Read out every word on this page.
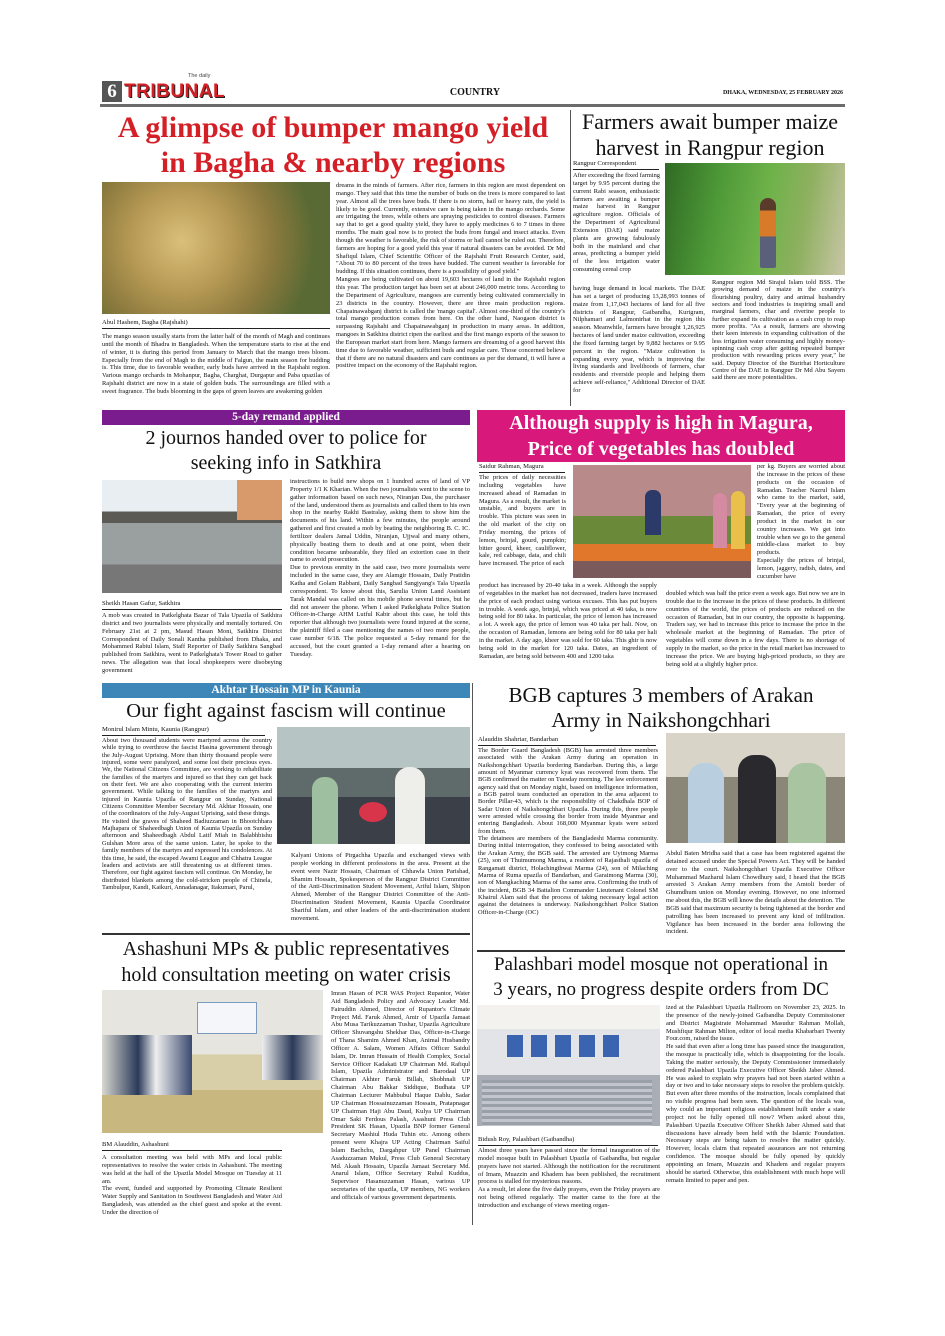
6
The daily
TRIBUNAL	COUNTRY	DHAKA, WEDNESDAY, 25 FEBRUARY 2026
A glimpse of bumper mango yield
in Bagha & nearby regions
Abul Hashem, Bagha (Rajshahi)

The mango season usually starts from the latter half of the month of Magh and continues until the month of Bhadra in Bangladesh. When the temperature starts to rise at the end of winter, it is during this period from January to March that the mango trees bloom. Especially from the end of Magh to the middle of Falgun, the main season for budding is. This time, due to favorable weather, early buds have arrived in the Rajshahi region. Various mango orchards in Mohanpur, Bagha, Charghat, Durgapur and Paba upazilas of Rajshahi district are now in a state of golden buds. The surroundings are filled with a sweet fragrance. The buds blooming in the gaps of green leaves are awakening golden

dreams in the minds of farmers. After rice, farmers in this region are most dependent on mango. They said that this time the number of buds on the trees is more compared to last year. Almost all the trees have buds. If there is no storm, hail or heavy rain, the yield is likely to be good. Currently, extensive care is being taken in the mango orchards. Some are irrigating the trees, while others are spraying pesticides to control diseases. Farmers say that to get a good quality yield, they have to apply medicines 6 to 7 times in three months. The main goal now is to protect the buds from fungal and insect attacks. Even though the weather is favorable, the risk of storms or hail cannot be ruled out. Therefore, farmers are hoping for a good yield this year if natural disasters can be avoided. Dr Md Shafiqul Islam, Chief Scientific Officer of the Rajshahi Fruit Research Center, said, "About 70 to 80 percent of the trees have budded. The current weather is favorable for budding. If this situation continues, there is a possibility of good yield."

Mangoes are being cultivated on about 19,603 hectares of land in the Rajshahi region this year. The production target has been set at about 246,000 metric tons. According to the Department of Agriculture, mangoes are currently being cultivated commercially in 23 districts in the country. However, there are three main production regions. Chapainawabganj district is called the 'mango capital'. Almost one-third of the country's total mango production comes from here. On the other hand, Naogaon district is surpassing Rajshahi and Chapainawabganj in production in many areas. In addition, mangoes in Satkhira district ripen the earliest and the first mango exports of the season to the European market start from here. Mango farmers are dreaming of a good harvest this time due to favorable weather, sufficient buds and regular care. Those concerned believe that if there are no natural disasters and care continues as per the demand, it will have a positive impact on the economy of the Rajshahi region.

Farmers await bumper maize
harvest in Rangpur region
Rangpur Correspondent

After exceeding the fixed farming target by 9.95 percent during the current Rabi season, enthusiastic farmers are awaiting a bumper maize harvest in Rangpur agriculture region. Officials of the Department of Agricultural Extension (DAE) said maize plants are growing fabulously both in the mainland and char areas, predicting a bumper yield of the less irrigation water consuming cereal crop

having huge demand in local markets. The DAE has set a target of producing 13,28,993 tonnes of maize from 1,17,043 hectares of land for all five districts of Rangpur, Gaibandha, Kurigram, Nilphamari and Lalmonirhat in the region this season. Meanwhile, farmers have brought 1,26,925 hectares of land under maize cultivation, exceeding the fixed farming target by 9,882 hectares or 9.95 percent in the region. "Maize cultivation is expanding every year, which is improving the living standards and livelihoods of farmers, char residents and riverside people and helping them achieve self-reliance," Additional Director of DAE for

Rangpur region Md Sirajul Islam told BSS. The growing demand of maize in the country's flourishing poultry, dairy and animal husbandry sectors and food industries is inspiring small and marginal farmers, char and riverine people to further expand its cultivation as a cash crop to reap more profits. "As a result, farmers are showing their keen interests in expanding cultivation of the less irrigation water consuming and highly money-spinning cash crop after getting repeated bumper production with rewarding prices every year," he said. Deputy Director of the Burirhat Horticulture Centre of the DAE in Rangpur Dr Md Abu Sayem said there are more potentialities.

5-day remand applied
2 journos handed over to police for
seeking info in Satkhira
Sheikh Hasan Gafur, Satkhira

A mob was created in Patkelghata Bazar of Tala Upazila of Satkhira district and two journalists were physically and mentally tortured. On February 21st at 2 pm, Masud Hasan Moni, Satkhira District Correspondent of Daily Sonali Kantha published from Dhaka, and Mohammed Rabiul Islam, Staff Reporter of Daily Satkhira Sangbad published from Satkhira, went to Patkelghata's Tower Road to gather news. The allegation was that local shopkeepers were disobeying government

instructions to build new shops on 1 hundred acres of land of VP Property 1/1 K Kharian. When the two journalists went to the scene to gather information based on such news, Niranjan Das, the purchaser of the land, understood them as journalists and called them to his own shop in the nearby Rakhi Bastralay, asking them to show him the documents of his land. Within a few minutes, the people around gathered and first created a mob by beating the neighboring B. C. IC. fertilizer dealers Jamal Uddin, Niranjan, Ujjwal and many others, physically beating them to death and at one point, when their condition became unbearable, they filed an extortion case in their name to avoid prosecution.

Due to previous enmity in the said case, two more journalists were included in the same case, they are Alamgir Hossain, Daily Pratidin Katha and Golam Rabbani, Daily Sangbad Sangjyang's Tala Upazila correspondent. To know about this, Sarulia Union Land Assistant Tarak Mandal was called on his mobile phone several times, but he did not answer the phone. When I asked Patkelghata Police Station Officer-in-Charge AHM Lutful Kabir about this case, he told this reporter that although two journalists were found injured at the scene, the plaintiff filed a case mentioning the names of two more people, case number 6/18. The police requested a 5-day remand for the accused, but the court granted a 1-day remand after a hearing on Tuesday.

Although supply is high in Magura,
Price of vegetables has doubled
Saidur Rahman, Magura

The prices of daily necessities including vegetables have increased ahead of Ramadan in Magura. As a result, the market is unstable, and buyers are in trouble. This picture was seen in the old market of the city on Friday morning, the prices of lemon, brinjal, gourd, pumpkin; bitter gourd, kheer, cauliflower, kale, red cabbage, data, and chili have increased. The price of each

per kg. Buyers are worried about the increase in the prices of these products on the occasion of Ramadan. Teacher Nazrul Islam who came to the market, said, "Every year at the beginning of Ramadan, the price of every product in the market in our country increases. We get into trouble when we go to the general middle-class market to buy products.

Especially the prices of brinjal, lemon, jaggery, radish, dates, and cucumber have

product has increased by 20-40 taka in a week. Although the supply of vegetables in the market has not decreased, traders have increased the price of each product using various excuses. This has put buyers in trouble. A week ago, brinjal, which was priced at 40 taka, is now being sold for 80 taka. In particular, the price of lemon has increased a lot. A week ago, the price of lemon was 40 taka per hali. Now, on the occasion of Ramadan, lemons are being sold for 80 taka per hali in the market. A day ago, kheer was sold for 60 taka. This ghir is now being sold in the market for 120 taka. Dates, an ingredient of Ramadan, are being sold between 400 and 1200 taka

doubled which was half the price even a week ago. But now we are in trouble due to the increase in the prices of these products. In different countries of the world, the prices of products are reduced on the occasion of Ramadan, but in our country, the opposite is happening. Traders say, we had to increase this price to increase the price in the wholesale market at the beginning of Ramadan. The price of vegetables will come down in a few days. There is no shortage of supply in the market, so the price in the retail market has increased to increase the price. We are buying high-priced products, so they are being sold at a slightly higher price.

Akhtar Hossain MP in Kaunia
Our fight against fascism will continue
Monirul Islam Mintu, Kaunia (Rangpur)

About two thousand students were martyred across the country while trying to overthrow the fascist Hasina government through the July-August Uprising. More than thirty thousand people were injured, some were paralyzed, and some lost their precious eyes. We, the National Citizens Committee, are working to rehabilitate the families of the martyrs and injured so that they can get back on their feet. We are also cooperating with the current interim government. While talking to the families of the martyrs and injured in Kaunia Upazila of Rangpur on Sunday, National Citizens Committee Member Secretary Md. Akhtar Hossain, one of the coordinators of the July-August Uprising, said these things.

He visited the graves of Shaheed Badiuzzaman in Bhootchhara Majhapara of Shaheedbagh Union of Kaunia Upazila on Sunday afternoon and Shaheedbagh Abdul Latif Miah in Balabhbishu Gulshan More area of the same union. Later, he spoke to the family members of the martyrs and expressed his condolences. At this time, he said, the escaped Awami League and Chhatra League leaders and activists are still threatening us at different times. Therefore, our fight against fascism will continue. On Monday, he distributed blankets among the cold-stricken people of Chinela, Tambulpur, Kandi, Kaikuri, Annadanagar, Itakumari, Parul,

Kalyani Unions of Pirgachha Upazila and exchanged views with people working in different professions in the area. Present at the event were Nazir Hossain, Chairman of Chhawla Union Parishad, Shamim Hossain, Spokesperson of the Rangpur District Committee of the Anti-Discrimination Student Movement, Ariful Islam, Shipon Ahmed, Member of the Rangpur District Committee of the Anti-Discrimination Student Movement, Kaunia Upazila Coordinator Shariful Islam, and other leaders of the anti-discrimination student movement.

BGB captures 3 members of Arakan
Army in Naikshongchhari
Alauddin Shahriar, Bandarban

The Border Guard Bangladesh (BGB) has arrested three members associated with the Arakan Army during an operation in Naikshongchhari Upazila bordering Bandarban. During this, a large amount of Myanmar currency kyat was recovered from them. The BGB confirmed the matter on Tuesday morning. The law enforcement agency said that on Monday night, based on intelligence information, a BGB patrol team conducted an operation in the area adjacent to Border Pillar-43, which is the responsibility of Chakdhala BOP of Sadar Union of Naikshongchhari Upazila. During this, three people were arrested while crossing the border from inside Myanmar and entering Bangladesh. About 168,000 Myanmar kyats were seized from them.

The detainees are members of the Bangladeshi Marma community. During initial interrogation, they confessed to being associated with the Arakan Army, the BGB said. The arrested are Uyimong Marma (25), son of Thuimumong Marma, a resident of Rajasthali upazila of Rangamati district, Holachingthwai Marma (24), son of Milaching Marma of Ruma upazila of Bandarban, and Garaimong Marma (30), son of Mangkaching Marma of the same area. Confirming the truth of the incident, BGB 34 Battalion Commander Lieutenant Colonel SM Khairul Alam said that the process of taking necessary legal action against the detainees is underway. Naikshongchhari Police Station Officer-in-Charge (OC)

Abdul Baten Mridha said that a case has been registered against the detained accused under the Special Powers Act. They will be handed over to the court. Naikshongchhari Upazila Executive Officer Muhammad Mazharul Islam Chowdhury said, I heard that the BGB arrested 3 Arakan Army members from the Amtoli border of Ghumdhum union on Monday evening. However, no one informed me about this, the BGB will know the details about the detention. The BGB said that maximum security is being tightened at the border and patrolling has been increased to prevent any kind of infiltration. Vigilance has been increased in the border area following the incident.

Ashashuni MPs & public representatives
hold consultation meeting on water crisis
BM Alauddin, Ashashuni

A consultation meeting was held with MPs and local public representatives to resolve the water crisis in Ashashuni. The meeting was held at the hall of the Upazila Model Mosque on Tuesday at 11 am.

The event, funded and supported by Promoting Climate Resilient Water Supply and Sanitation in Southwest Bangladesh and Water Aid Bangladesh, was attended as the chief guest and spoke at the event. Under the direction of

Imran Hasan of PCR WAS Project Rupantor, Water Aid Bangladesh Policy and Advocacy Leader Md. Fairuddin Ahmed, Director of Rupantor's Climate Project Md. Faruk Ahmed, Amir of Upazila Jamaat Abu Musa Tarikuzzaman Tushar, Upazila Agriculture Officer Shuvangshu Shekhar Das, Officer-in-Charge of Thana Shamim Ahmed Khan, Animal Husbandry Officer A. Salam, Women Affairs Officer Saidul Islam, Dr. Imran Hussain of Health Complex, Social Service Officer Kadakati UP Chairman Md. Rafiqul Islam, Upazila Administrator and Barodaal UP Chairman Akhter Faruk Billah, Shobhnali UP Chairman Abu Bakkar Siddique, Budhata UP Chairman Lecturer Mahbubul Haque Dablu, Sadar UP Chairman Hossainuzzaman Hossain, Pratapnagar UP Chairman Haji Abu Daud, Kulya UP Chairman Omar Saki Ferdous Palash, Asashuni Press Club President SK Hasan, Upazila BNP former General Secretary Mashiul Huda Tuhin etc. Among others present were Khajra UP Acting Chairman Saiful Islam Bachchu, Dargahpur UP Panel Chairman Asaduzzaman Mukul, Press Club General Secretary Md. Akash Hossain, Upazila Jamaat Secretary Md. Anarul Islam, Office Secretary Ruhul Kuddus, Supervisor Hasanuzzaman Hasan, various UP secretaries of the upazila, UP members, NG workers and officials of various government departments.

Palashbari model mosque not operational in
3 years, no progress despite orders from DC
Bidush Roy, Palashbari (Gaibandha)

Almost three years have passed since the formal inauguration of the model mosque built in Palashbari Upazila of Gaibandha, but regular prayers have not started. Although the notification for the recruitment of Imam, Muazzin and Khadem has been published, the recruitment process is stalled for mysterious reasons.

As a result, let alone the five daily prayers, even the Friday prayers are not being offered regularly. The matter came to the fore at the introduction and exchange of views meeting organ-

ized at the Palashbari Upazila Hallroom on November 23, 2025. In the presence of the newly-joined Gaibandha Deputy Commissioner and District Magistrate Mohammad Masudur Rahman Mollah, Mushfiqur Rahman Milton, editor of local media Khabarbari Twenty Four.com, raised the issue.

He said that even after a long time has passed since the inauguration, the mosque is practically idle, which is disappointing for the locals. Taking the matter seriously, the Deputy Commissioner immediately ordered Palashbari Upazila Executive Officer Sheikh Jaber Ahmed. He was asked to explain why prayers had not been started within a day or two and to take necessary steps to resolve the problem quickly.

But even after three months of the instruction, locals complained that no visible progress had been seen. The question of the locals was, why could an important religious establishment built under a state project not be fully opened till now? When asked about this, Palashbari Upazila Executive Officer Sheikh Jaber Ahmed said that discussions have already been held with the Islamic Foundation. Necessary steps are being taken to resolve the matter quickly. However, locals claim that repeated assurances are not returning confidence. The mosque should be fully opened by quickly appointing an Imam, Muazzin and Khadem and regular prayers should be started. Otherwise, this establishment with much hope will remain limited to paper and pen.
